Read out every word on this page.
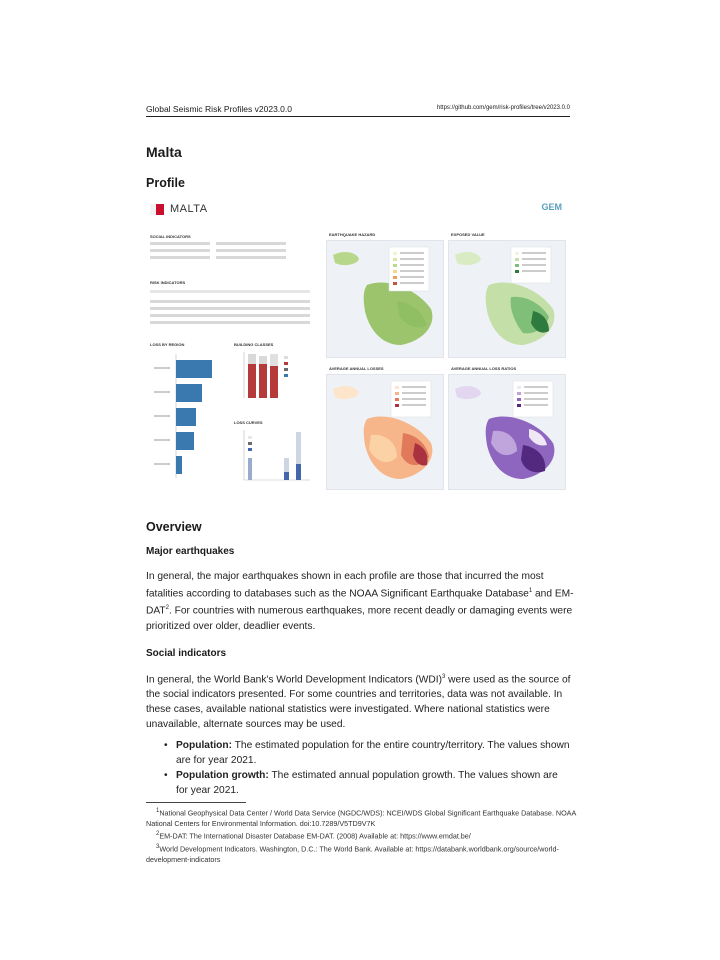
Global Seismic Risk Profiles v2023.0.0	https://github.com/gem/risk-profiles/tree/v2023.0.0
Malta
Profile
MALTA	GEM
SOCIAL INDICATORS
RISK INDICATORS
LOSS BY REGION	BUILDING CLASSES
LOSS CURVES
EARTHQUAKE HAZARD	EXPOSED VALUE
AVERAGE ANNUAL LOSSES	AVERAGE ANNUAL LOSS RATIOS
Overview
Major earthquakes
In general, the major earthquakes shown in each profile are those that incurred the most fatalities according to databases such as the NOAA Significant Earthquake Database$^1$ and EM-DAT$^2$. For countries with numerous earthquakes, more recent deadly or damaging events were prioritized over older, deadlier events.
Social indicators
In general, the World Bank's World Development Indicators (WDI)$^3$ were used as the source of the social indicators presented. For some countries and territories, data was not available. In these cases, available national statistics were investigated. Where national statistics were unavailable, alternate sources may be used.
• Population: The estimated population for the entire country/territory. The values shown are for year 2021.
• Population growth: The estimated annual population growth. The values shown are for year 2021.
$^1$National Geophysical Data Center / World Data Service (NGDC/WDS): NCEI/WDS Global Significant Earthquake Database. NOAA National Centers for Environmental Information. doi:10.7289/V5TD9V7K
$^2$EM-DAT: The International Disaster Database EM-DAT. (2008) Available at: https://www.emdat.be/
$^3$World Development Indicators. Washington, D.C.: The World Bank. Available at: https://databank.worldbank.org/source/world-development-indicators
